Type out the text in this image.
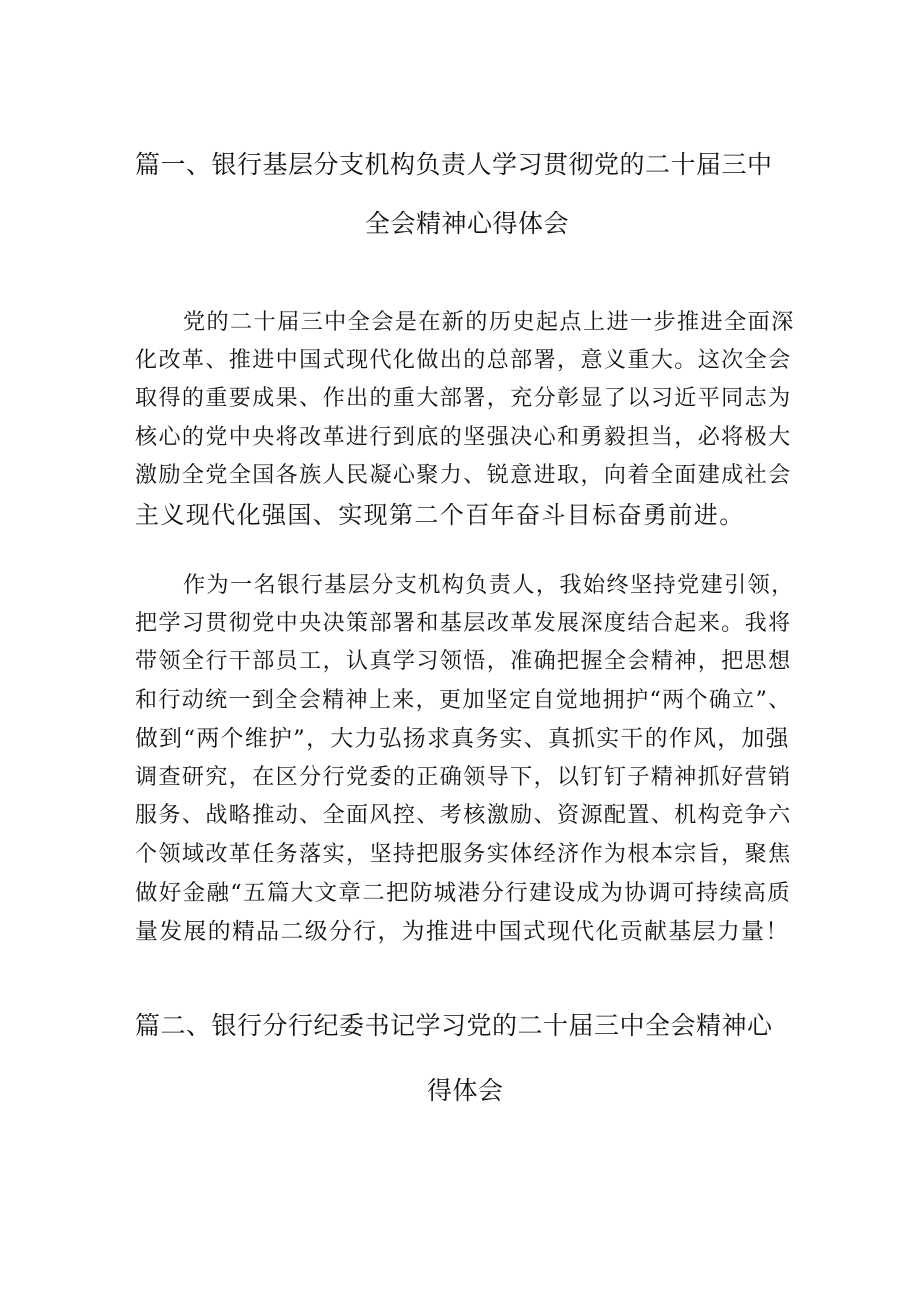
篇一、银行基层分支机构负责人学习贯彻党的二十届三中
全会精神心得体会
党的二十届三中全会是在新的历史起点上进一步推进全面深
化改革、推进中国式现代化做出的总部署，意义重大。这次全会
取得的重要成果、作出的重大部署，充分彰显了以习近平同志为
核心的党中央将改革进行到底的坚强决心和勇毅担当，必将极大
激励全党全国各族人民凝心聚力、锐意进取，向着全面建成社会
主义现代化强国、实现第二个百年奋斗目标奋勇前进。
作为一名银行基层分支机构负责人，我始终坚持党建引领，
把学习贯彻党中央决策部署和基层改革发展深度结合起来。我将
带领全行干部员工，认真学习领悟，准确把握全会精神，把思想
和行动统一到全会精神上来，更加坚定自觉地拥护“两个确立”、
做到“两个维护”，大力弘扬求真务实、真抓实干的作风，加强
调查研究，在区分行党委的正确领导下，以钉钉子精神抓好营销
服务、战略推动、全面风控、考核激励、资源配置、机构竞争六
个领域改革任务落实，坚持把服务实体经济作为根本宗旨，聚焦
做好金融“五篇大文章二把防城港分行建设成为协调可持续高质
量发展的精品二级分行，为推进中国式现代化贡献基层力量！
篇二、银行分行纪委书记学习党的二十届三中全会精神心
得体会
